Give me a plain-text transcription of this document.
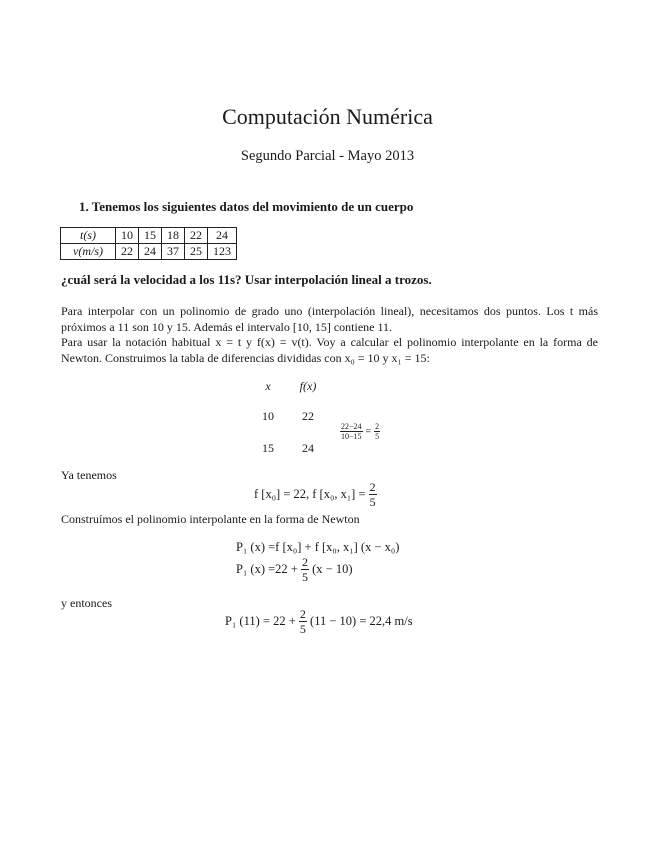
Computación Numérica
Segundo Parcial - Mayo 2013
1. Tenemos los siguientes datos del movimiento de un cuerpo
t(s)	10	15	18	22	24
v(m/s)	22	24	37	25	123
¿cuál será la velocidad a los 11s? Usar interpolación lineal a trozos.
Para interpolar con un polinomio de grado uno (interpolación lineal), necesitamos dos puntos. Los t más próximos a 11 son 10 y 15. Además el intervalo [10, 15] contiene 11.
Para usar la notación habitual x = t y f(x) = v(t). Voy a calcular el polinomio interpolante en la forma de Newton. Construimos la tabla de diferencias divididas con x₀ = 10 y x₁ = 15:
x	f(x)
10	22
15	24
$\frac{22-24}{10-15} = \frac{2}{5}$
Ya tenemos
f [x₀] = 22, f [x₀, $x_1] = \frac{2}{5}$
Construímos el polinomio interpolante en la forma de Newton
P₁ (x) =f [x₀] + f [x₀, x₁] (x − x₀)
P₁ $(x) =22 + \frac{2}{5} (x - 10)$
y entonces
P₁ $(11) = 22 + \frac{2}{5} (11 - 10) = 22,4$ m/s
